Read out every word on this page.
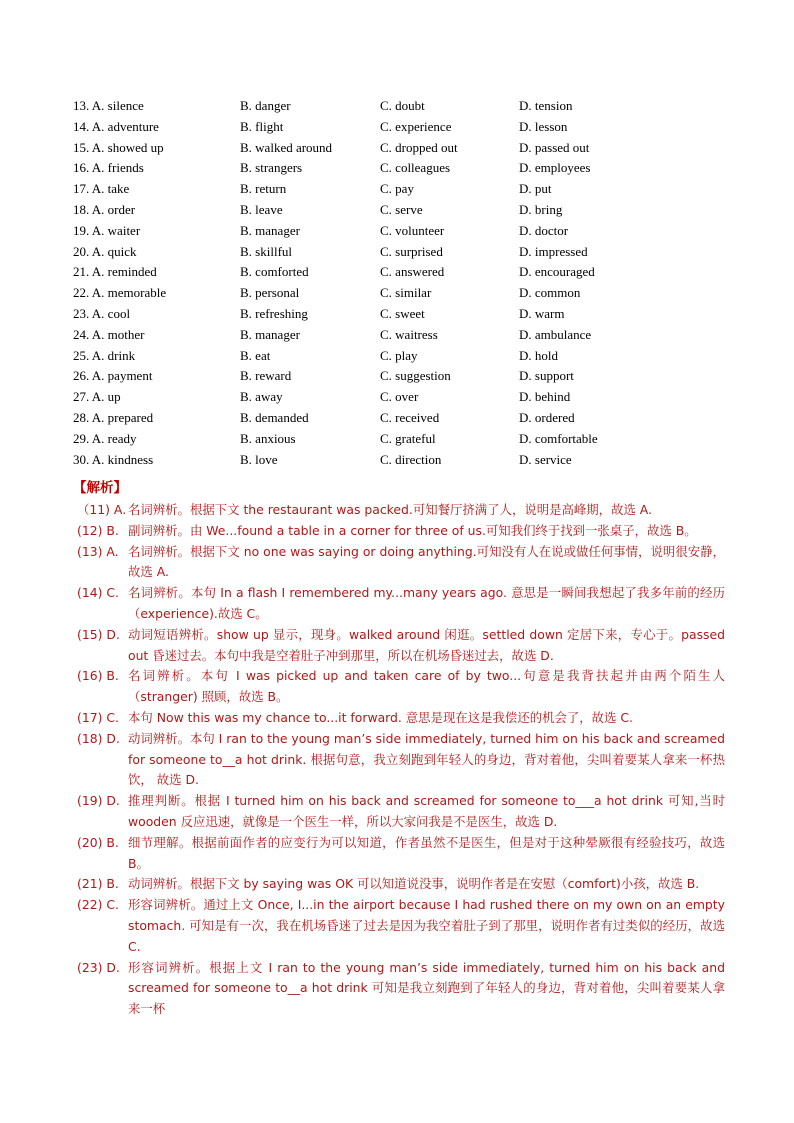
13. A. silence	B. danger	C. doubt	D. tension
14. A. adventure	B. flight	C. experience	D. lesson
15. A. showed up	B. walked around	C. dropped out	D. passed out
16. A. friends	B. strangers	C. colleagues	D. employees
17. A. take	B. return	C. pay	D. put
18. A. order	B. leave	C. serve	D. bring
19. A. waiter	B. manager	C. volunteer	D. doctor
20. A. quick	B. skillful	C. surprised	D. impressed
21. A. reminded	B. comforted	C. answered	D. encouraged
22. A. memorable	B. personal	C. similar	D. common
23. A. cool	B. refreshing	C. sweet	D. warm
24. A. mother	B. manager	C. waitress	D. ambulance
25. A. drink	B. eat	C. play	D. hold
26. A. payment	B. reward	C. suggestion	D. support
27. A. up	B. away	C. over	D. behind
28. A. prepared	B. demanded	C. received	D. ordered
29. A. ready	B. anxious	C. grateful	D. comfortable
30. A. kindness	B. love	C. direction	D. service
【解析】
（11) A. 名词辨析。根据下文 the restaurant was packed.可知餐厅挤满了人，说明是高峰期，故选 A.
(12) B. 副词辨析。由 We...found a table in a corner for three of us.可知我们终于找到一张桌子，故选 B。
(13) A. 名词辨析。根据下文 no one was saying or doing anything.可知没有人在说或做任何事情，说明很安静，故选 A.
(14) C. 名词辨析。本句 In a flash I remembered my...many years ago. 意思是一瞬间我想起了我多年前的经历（experience).故选 C。
(15) D. 动词短语辨析。show up 显示，现身。walked around 闲逛。settled down 定居下来，专心于。passed out 昏迷过去。本句中我是空着肚子冲到那里，所以在机场昏迷过去，故选 D.
(16) B. 名词辨析。本句 I was picked up and taken care of by two...句意是我背扶起并由两个陌生人（stranger) 照顾，故选 B。
(17) C. 本句 Now this was my chance to...it forward. 意思是现在这是我偿还的机会了，故选 C.
(18) D. 动词辨析。本句 I ran to the young man’s side immediately, turned him on his back and screamed for someone to__a hot drink. 根据句意，我立刻跑到年轻人的身边，背对着他，尖叫着要某人拿来一杯热饮， 故选 D.
(19) D. 推理判断。根据 I turned him on his back and screamed for someone to___a hot drink 可知,当时 wooden 反应迅速，就像是一个医生一样，所以大家问我是不是医生，故选 D.
(20) B. 细节理解。根据前面作者的应变行为可以知道，作者虽然不是医生，但是对于这种晕厥很有经验技巧，故选 B。
(21) B. 动词辨析。根据下文 by saying was OK 可以知道说没事，说明作者是在安慰（comfort)小孩，故选 B.
(22) C. 形容词辨析。通过上文 Once, I...in the airport because I had rushed there on my own on an empty stomach. 可知是有一次，我在机场昏迷了过去是因为我空着肚子到了那里，说明作者有过类似的经历，故选 C.
(23) D. 形容词辨析。根据上文 I ran to the young man’s side immediately, turned him on his back and screamed for someone to__a hot drink 可知是我立刻跑到了年轻人的身边，背对着他，尖叫着要某人拿来一杯
